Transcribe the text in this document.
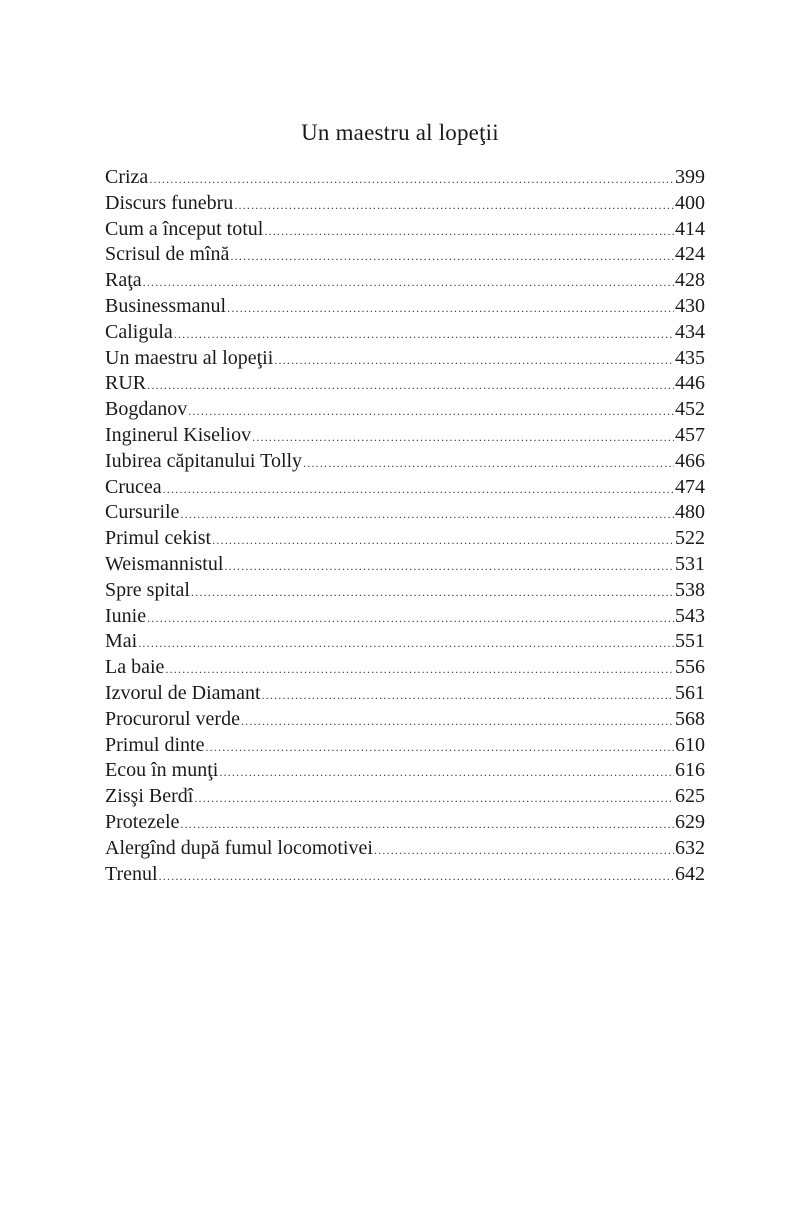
Un maestru al lopeţii
Criza .....	399
Discurs funebru .....	400
Cum a început totul .....	414
Scrisul de mînă .....	424
Raţa .....	428
Businessmanul .....	430
Caligula .....	434
Un maestru al lopeţii .....	435
RUR .....	446
Bogdanov .....	452
Inginerul Kiseliov .....	457
Iubirea căpitanului Tolly .....	466
Crucea .....	474
Cursurile .....	480
Primul cekist .....	522
Weismannistul .....	531
Spre spital .....	538
Iunie .....	543
Mai .....	551
La baie .....	556
Izvorul de Diamant .....	561
Procurorul verde .....	568
Primul dinte .....	610
Ecou în munţi .....	616
Zisşi Berdî .....	625
Protezele .....	629
Alergînd după fumul locomotivei .....	632
Trenul .....	642
